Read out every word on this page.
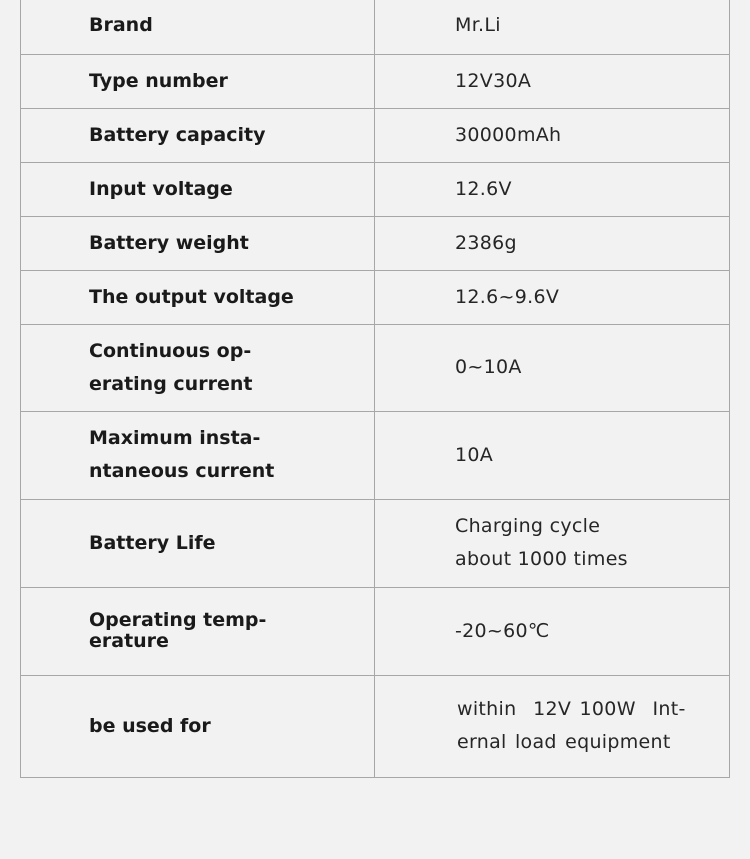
Brand	Mr.Li

Type number	12V30A

Battery capacity	30000mAh

Input voltage	12.6V

Battery weight	2386g

The output voltage	12.6~9.6V

Continuous op-
erating current	0~10A

Maximum insta-
ntaneous current	10A

Battery Life	Charging cycle
about 1000 times

Operating temp-
erature	-20~60℃

be used for	within  12V 100W  Int-
ernal load equipment
